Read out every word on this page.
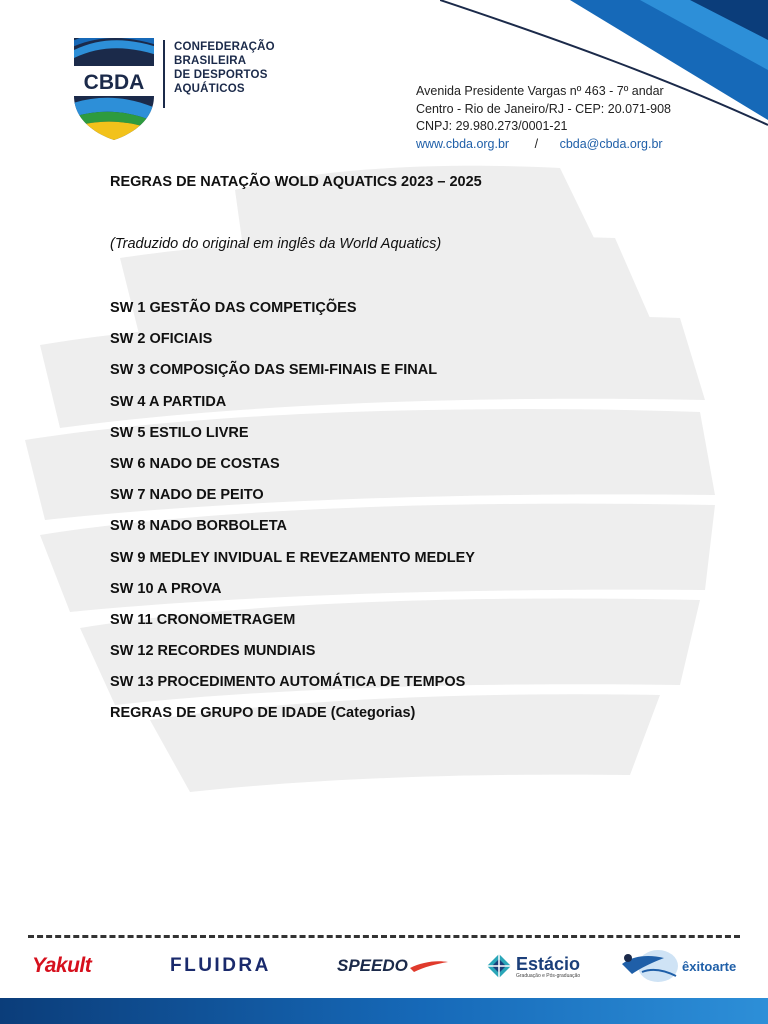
CBDA
CONFEDERAÇÃO
BRASILEIRA
DE DESPORTOS
AQUÁTICOS	Avenida Presidente Vargas nº 463 - 7º andar
Centro - Rio de Janeiro/RJ - CEP: 20.071-908
CNPJ: 29.980.273/0001-21
www.cbda.org.br / cbda@cbda.org.br
REGRAS DE NATAÇÃO WOLD AQUATICS 2023 – 2025
(Traduzido do original em inglês da World Aquatics)
SW 1 GESTÃO DAS COMPETIÇÕES
SW 2 OFICIAIS
SW 3 COMPOSIÇÃO DAS SEMI-FINAIS E FINAL
SW 4 A PARTIDA
SW 5 ESTILO LIVRE
SW 6 NADO DE COSTAS
SW 7 NADO DE PEITO
SW 8 NADO BORBOLETA
SW 9 MEDLEY INVIDUAL E REVEZAMENTO MEDLEY
SW 10 A PROVA
SW 11 CRONOMETRAGEM
SW 12 RECORDES MUNDIAIS
SW 13 PROCEDIMENTO AUTOMÁTICA DE TEMPOS
REGRAS DE GRUPO DE IDADE (Categorias)
Yakult	FLUIDRA	SPEEDO	Estácio
Graduação e Pós-graduação
êxitoarte
